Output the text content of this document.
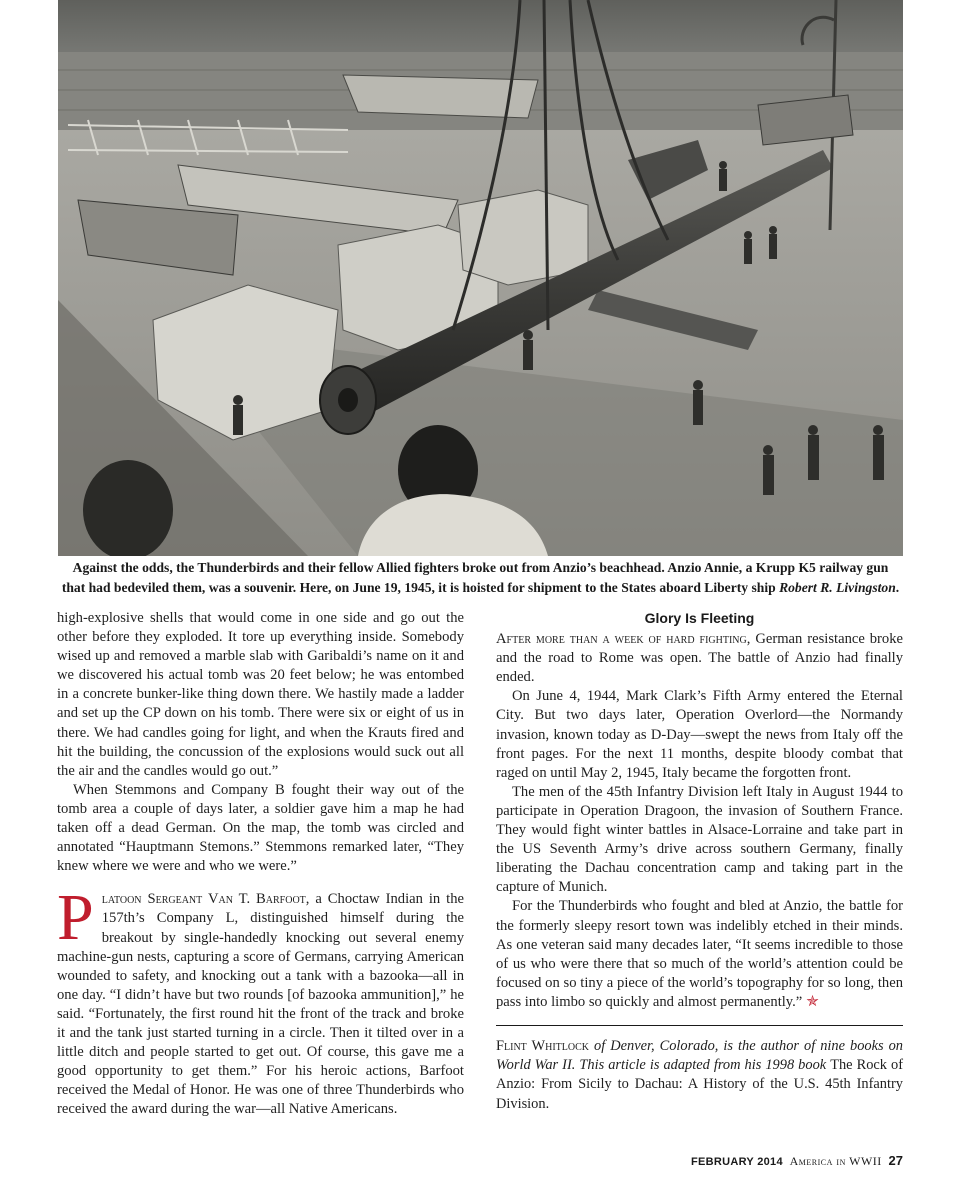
Against the odds, the Thunderbirds and their fellow Allied fighters broke out from Anzio’s beachhead. Anzio Annie, a Krupp K5 railway gun
that had bedeviled them, was a souvenir. Here, on June 19, 1945, it is hoisted for shipment to the States aboard Liberty ship Robert R. Livingston.

high-explosive shells that would come in one side and go out the other before they exploded. It tore up everything inside. Somebody wised up and removed a marble slab with Garibaldi’s name on it and we discovered his actual tomb was 20 feet below; he was entombed in a concrete bunker-like thing down there. We hastily made a ladder and set up the CP down on his tomb. There were six or eight of us in there. We had candles going for light, and when the Krauts fired and hit the building, the concussion of the explosions would suck out all the air and the candles would go out.”

When Stemmons and Company B fought their way out of the tomb area a couple of days later, a soldier gave him a map he had taken off a dead German. On the map, the tomb was circled and annotated “Hauptmann Stemons.” Stemmons remarked later, “They knew where we were and who we were.”

Platoon Sergeant Van T. Barfoot, a Choctaw Indian in the 157th’s Company L, distinguished himself during the breakout by single-handedly knocking out several enemy machine-gun nests, capturing a score of Germans, carrying American wounded to safety, and knocking out a tank with a bazooka—all in one day. “I didn’t have but two rounds [of bazooka ammunition],” he said. “Fortunately, the first round hit the front of the track and broke it and the tank just started turning in a circle. Then it tilted over in a little ditch and people started to get out. Of course, this gave me a good opportunity to get them.” For his heroic actions, Barfoot received the Medal of Honor. He was one of three Thunderbirds who received the award during the war—all Native Americans.

Glory Is Fleeting

After more than a week of hard fighting, German resistance broke and the road to Rome was open. The battle of Anzio had finally ended.

On June 4, 1944, Mark Clark’s Fifth Army entered the Eternal City. But two days later, Operation Overlord—the Normandy invasion, known today as D-Day—swept the news from Italy off the front pages. For the next 11 months, despite bloody combat that raged on until May 2, 1945, Italy became the forgotten front.

The men of the 45th Infantry Division left Italy in August 1944 to participate in Operation Dragoon, the invasion of Southern France. They would fight winter battles in Alsace-Lorraine and take part in the US Seventh Army’s drive across southern Germany, finally liberating the Dachau concentration camp and taking part in the capture of Munich.

For the Thunderbirds who fought and bled at Anzio, the battle for the formerly sleepy resort town was indelibly etched in their minds. As one veteran said many decades later, “It seems incredible to those of us who were there that so much of the world’s attention could be focused on so tiny a piece of the world’s topography for so long, then pass into limbo so quickly and almost permanently.” ✯

Flint Whitlock of Denver, Colorado, is the author of nine books on World War II. This article is adapted from his 1998 book The Rock of Anzio: From Sicily to Dachau: A History of the U.S. 45th Infantry Division.

FEBRUARY 2014 America in WWII 27
